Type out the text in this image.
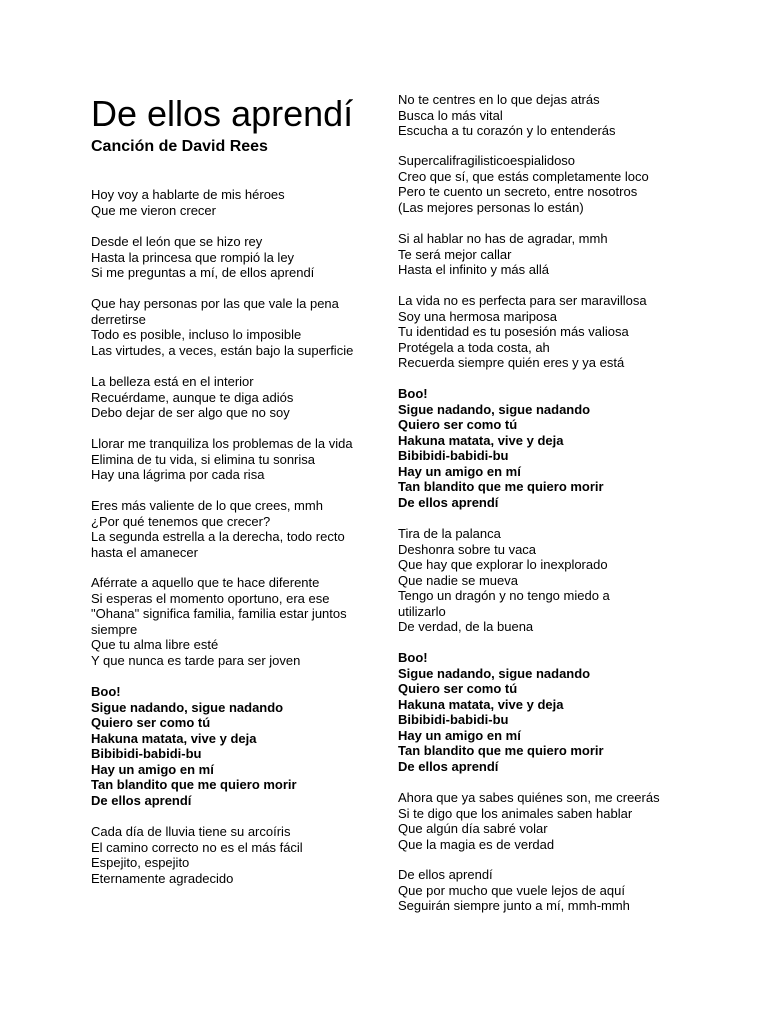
De ellos aprendí
Canción de David Rees

Hoy voy a hablarte de mis héroes
Que me vieron crecer

Desde el león que se hizo rey
Hasta la princesa que rompió la ley
Si me preguntas a mí, de ellos aprendí

Que hay personas por las que vale la pena
derretirse
Todo es posible, incluso lo imposible
Las virtudes, a veces, están bajo la superficie

La belleza está en el interior
Recuérdame, aunque te diga adiós
Debo dejar de ser algo que no soy

Llorar me tranquiliza los problemas de la vida
Elimina de tu vida, si elimina tu sonrisa
Hay una lágrima por cada risa

Eres más valiente de lo que crees, mmh
¿Por qué tenemos que crecer?
La segunda estrella a la derecha, todo recto
hasta el amanecer

Aférrate a aquello que te hace diferente
Si esperas el momento oportuno, era ese
"Ohana" significa familia, familia estar juntos
siempre
Que tu alma libre esté
Y que nunca es tarde para ser joven

Boo!
Sigue nadando, sigue nadando
Quiero ser como tú
Hakuna matata, vive y deja
Bibibidi-babidi-bu
Hay un amigo en mí
Tan blandito que me quiero morir
De ellos aprendí

Cada día de lluvia tiene su arcoíris
El camino correcto no es el más fácil
Espejito, espejito
Eternamente agradecido

No te centres en lo que dejas atrás
Busca lo más vital
Escucha a tu corazón y lo entenderás

Supercalifragilisticoespialidoso
Creo que sí, que estás completamente loco
Pero te cuento un secreto, entre nosotros
(Las mejores personas lo están)

Si al hablar no has de agradar, mmh
Te será mejor callar
Hasta el infinito y más allá

La vida no es perfecta para ser maravillosa
Soy una hermosa mariposa
Tu identidad es tu posesión más valiosa
Protégela a toda costa, ah
Recuerda siempre quién eres y ya está

Boo!
Sigue nadando, sigue nadando
Quiero ser como tú
Hakuna matata, vive y deja
Bibibidi-babidi-bu
Hay un amigo en mí
Tan blandito que me quiero morir
De ellos aprendí

Tira de la palanca
Deshonra sobre tu vaca
Que hay que explorar lo inexplorado
Que nadie se mueva
Tengo un dragón y no tengo miedo a
utilizarlo
De verdad, de la buena

Boo!
Sigue nadando, sigue nadando
Quiero ser como tú
Hakuna matata, vive y deja
Bibibidi-babidi-bu
Hay un amigo en mí
Tan blandito que me quiero morir
De ellos aprendí

Ahora que ya sabes quiénes son, me creerás
Si te digo que los animales saben hablar
Que algún día sabré volar
Que la magia es de verdad

De ellos aprendí
Que por mucho que vuele lejos de aquí
Seguirán siempre junto a mí, mmh-mmh
